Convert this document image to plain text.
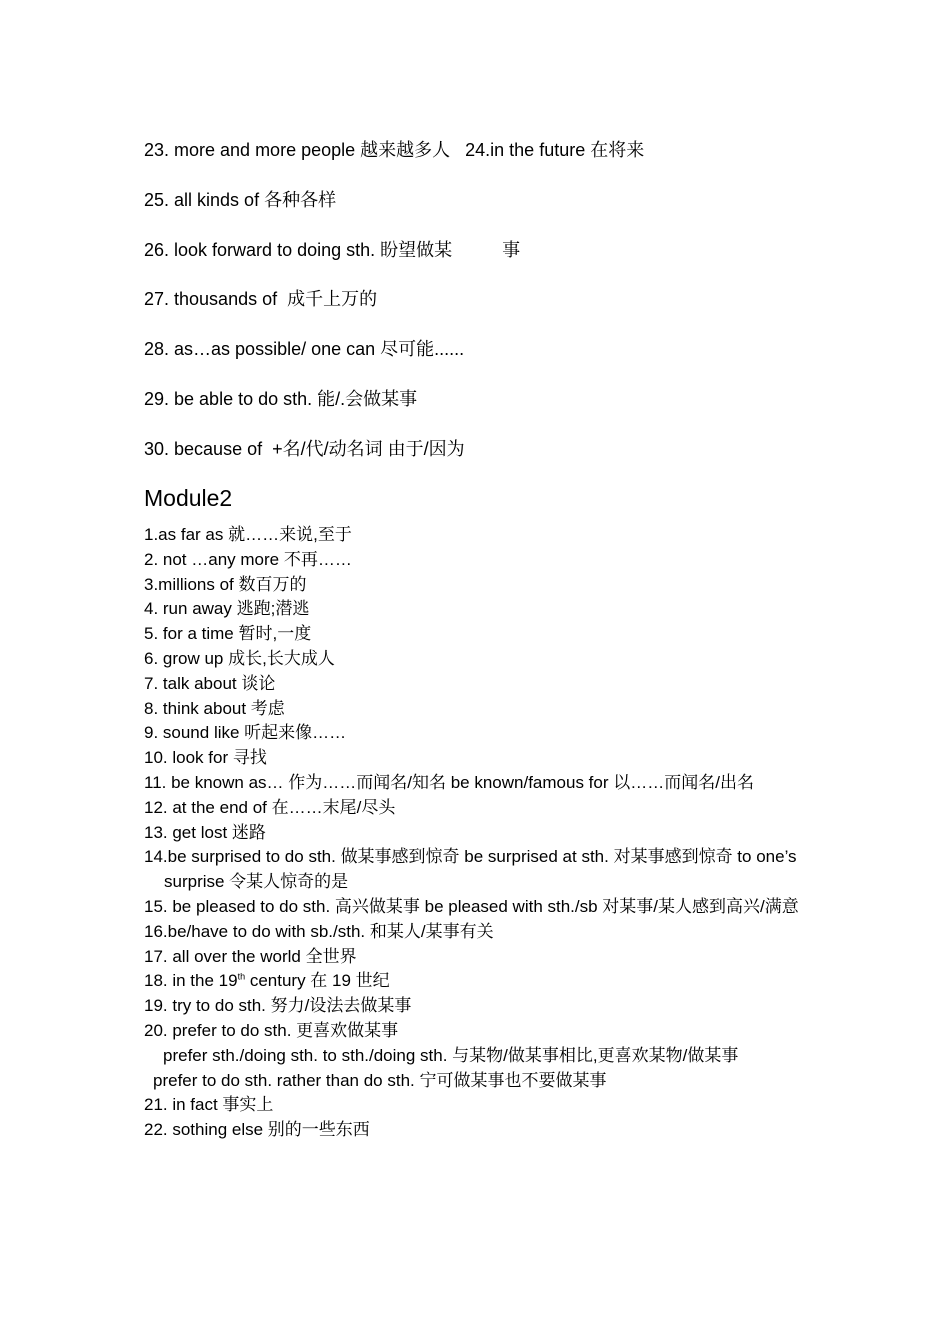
23. more and more people 越来越多人   24.in the future 在将来
25. all kinds of 各种各样
26. look forward to doing sth. 盼望做某          事
27. thousands of  成千上万的
28. as…as possible/ one can 尽可能......
29. be able to do sth. 能/.会做某事
30. because of  +名/代/动名词 由于/因为
Module2
1.as far as 就……来说,至于
2. not …any more 不再……
3.millions of 数百万的
4. run away 逃跑;潜逃
5. for a time 暂时,一度
6. grow up 成长,长大成人
7. talk about 谈论
8. think about 考虑
9. sound like 听起来像……
10. look for 寻找
11. be known as… 作为……而闻名/知名 be known/famous for 以……而闻名/出名
12. at the end of 在……末尾/尽头
13. get lost 迷路
14.be surprised to do sth. 做某事感到惊奇 be surprised at sth. 对某事感到惊奇 to one’s surprise 令某人惊奇的是
15. be pleased to do sth. 高兴做某事 be pleased with sth./sb 对某事/某人感到高兴/满意
16.be/have to do with sb./sth. 和某人/某事有关
17. all over the world 全世界
18. in the 19th century 在 19 世纪
19. try to do sth. 努力/设法去做某事
20. prefer to do sth. 更喜欢做某事
prefer sth./doing sth. to sth./doing sth. 与某物/做某事相比,更喜欢某物/做某事
prefer to do sth. rather than do sth. 宁可做某事也不要做某事
21. in fact 事实上
22. sothing else 别的一些东西
